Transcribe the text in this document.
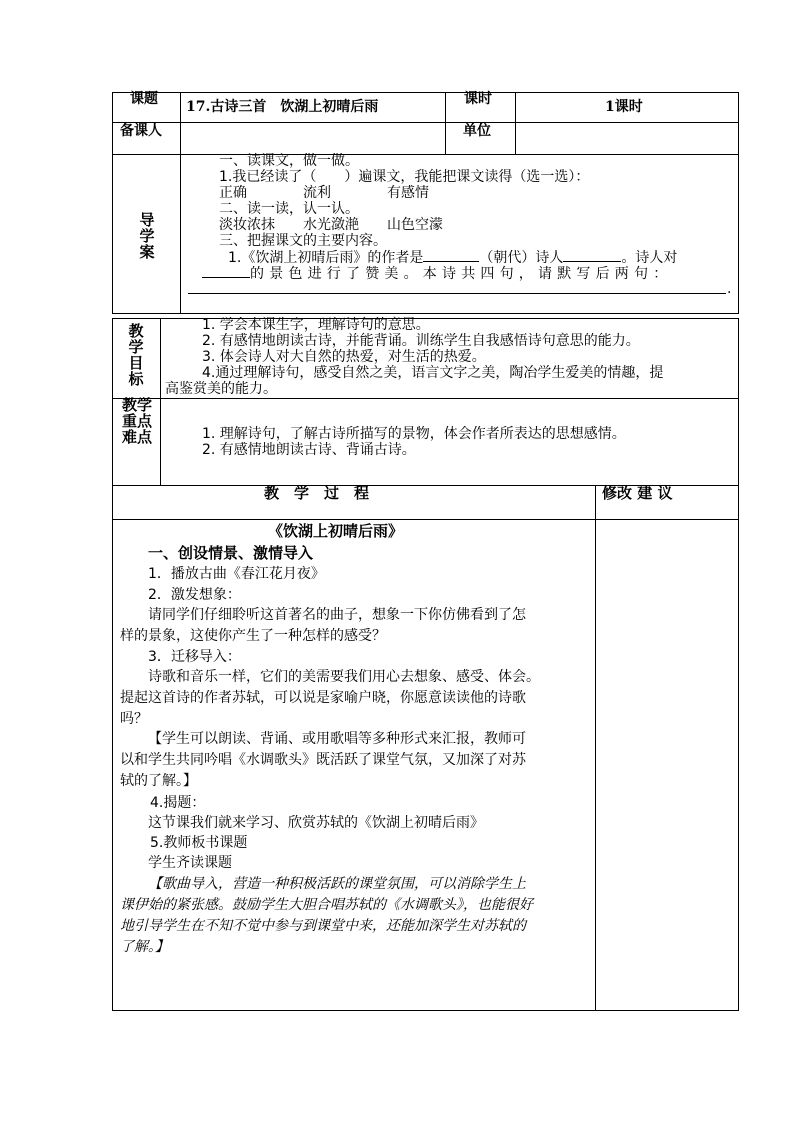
课题 17.古诗三首　饮湖上初晴后雨	课时	1课时
备课人	单位
导
学
案
一、读课文，做一做。
1.我已经读了（　　）遍课文，我能把课文读得（选一选）：
正确　　　　流利　　　　有感情
二、读一读，认一认。
淡妆浓抹　　水光潋滟　　山色空濛
三、把握课文的主要内容。
1.《饮湖上初晴后雨》的作者是	（朝代）诗人	。诗人对
的景色进行了赞美。本诗共四句，请默写后两句：
.
教
学
目
标
1. 学会本课生字，理解诗句的意思。
2. 有感情地朗读古诗，并能背诵。训练学生自我感悟诗句意思的能力。
3. 体会诗人对大自然的热爱，对生活的热爱。
4.通过理解诗句，感受自然之美，语言文字之美，陶冶学生爱美的情趣，提
高鉴赏美的能力。
教学
重点
难点	1. 理解诗句，了解古诗所描写的景物，体会作者所表达的思想感情。
2. 有感情地朗读古诗、背诵古诗。
教　学　过　程	修改 建 议
《饮湖上初晴后雨》
一、创设情景、激情导入
1．播放古曲《春江花月夜》
2．激发想象：
请同学们仔细聆听这首著名的曲子，想象一下你仿佛看到了怎
样的景象，这使你产生了一种怎样的感受？
3．迁移导入：
诗歌和音乐一样，它们的美需要我们用心去想象、感受、体会。
提起这首诗的作者苏轼，可以说是家喻户晓，你愿意读读他的诗歌
吗？
【学生可以朗读、背诵、或用歌唱等多种形式来汇报，教师可
以和学生共同吟唱《水调歌头》既活跃了课堂气氛，又加深了对苏
轼的了解。】
4.揭题：
这节课我们就来学习、欣赏苏轼的《饮湖上初晴后雨》
5.教师板书课题
学生齐读课题
【歌曲导入，营造一种积极活跃的课堂氛围，可以消除学生上
课伊始的紧张感。鼓励学生大胆合唱苏轼的《水调歌头》，也能很好
地引导学生在不知不觉中参与到课堂中来，还能加深学生对苏轼的
了解。】
